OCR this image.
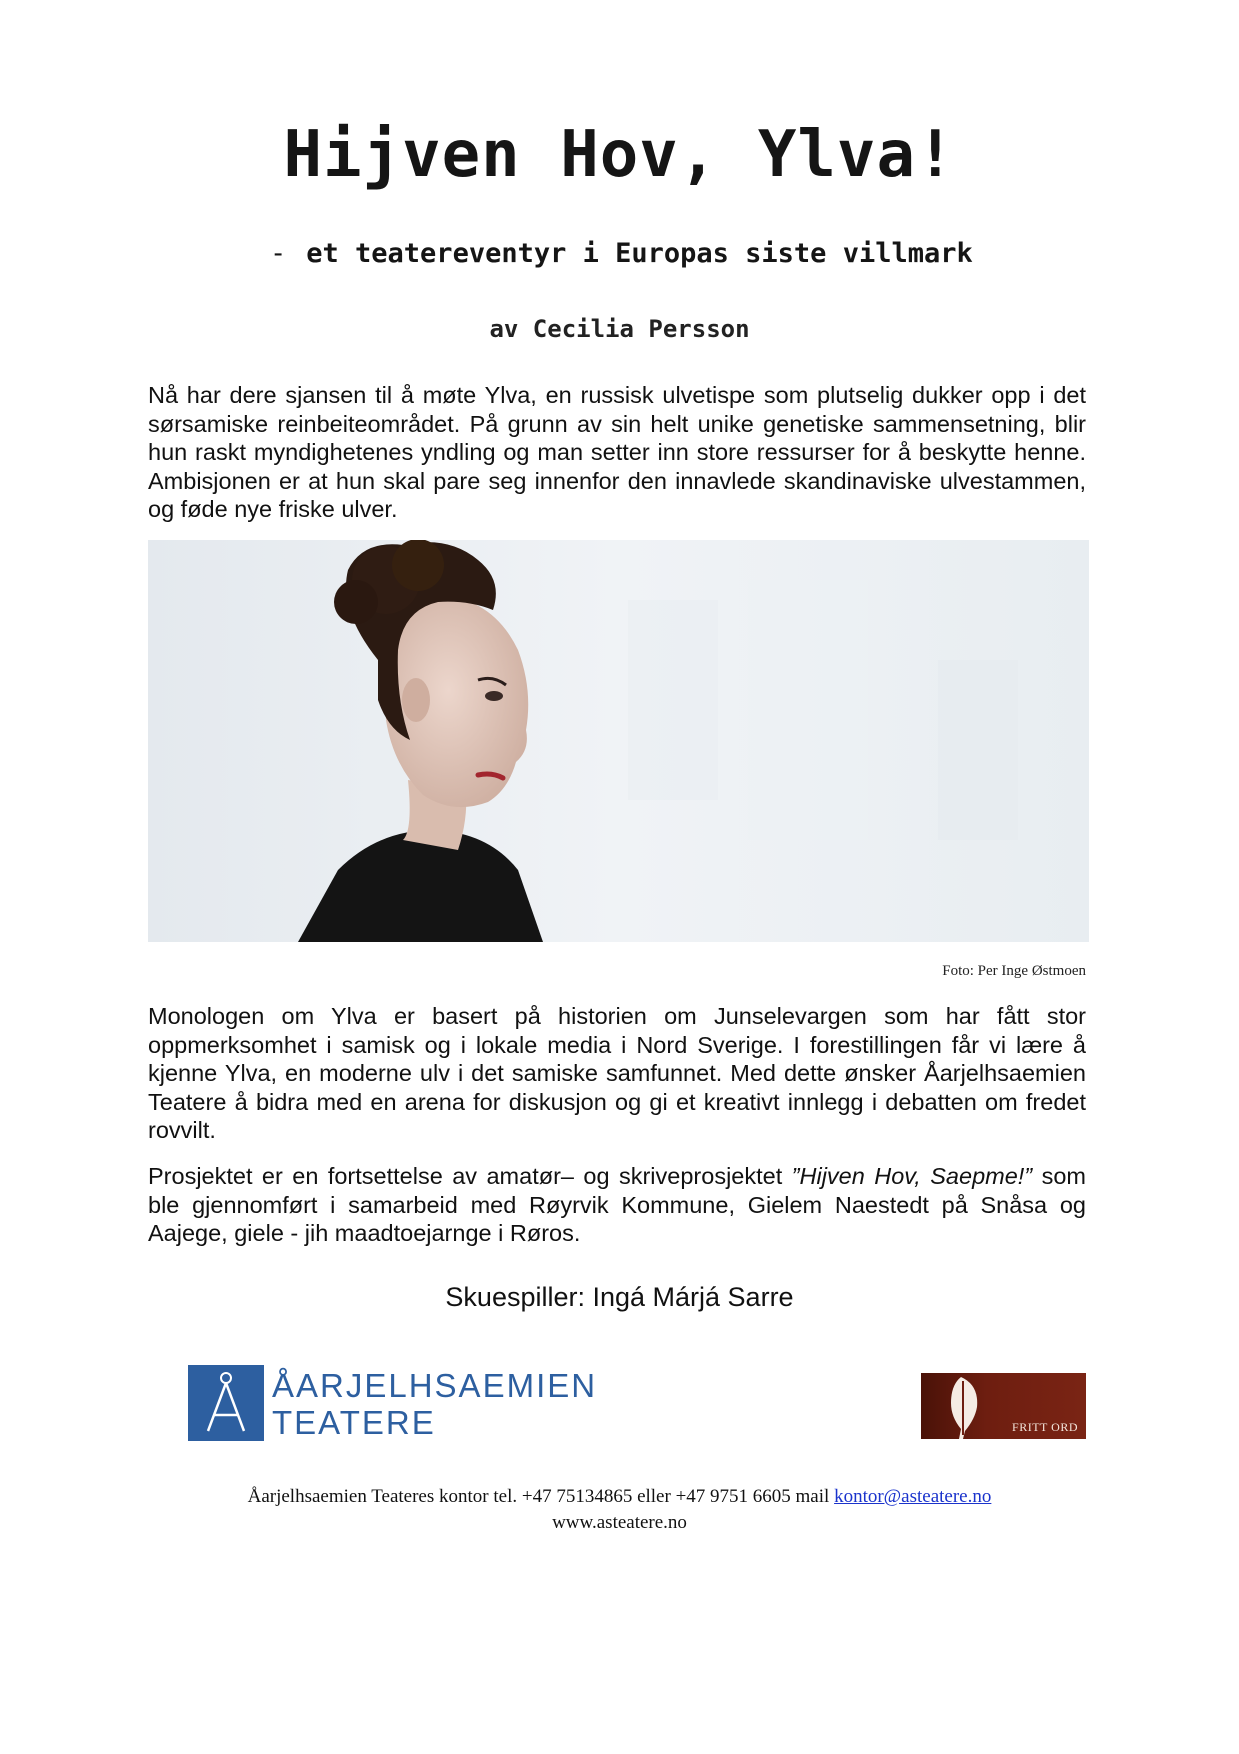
Hijven Hov, Ylva!
- et teatereventyr i Europas siste villmark
av Cecilia Persson
Nå har dere sjansen til å møte Ylva, en russisk ulvetispe som plutselig dukker opp i det sørsamiske reinbeiteområdet. På grunn av sin helt unike genetiske sammensetning, blir hun raskt myndighetenes yndling og man setter inn store ressurser for å beskytte henne. Ambisjonen er at hun skal pare seg innenfor den innavlede skandinaviske ulvestammen, og føde nye friske ulver.
Foto: Per Inge Østmoen
Monologen om Ylva er basert på historien om Junselevargen som har fått stor oppmerksomhet i samisk og i lokale media i Nord Sverige. I forestillingen får vi lære å kjenne Ylva, en moderne ulv i det samiske samfunnet. Med dette ønsker Åarjelhsaemien Teatere å bidra med en arena for diskusjon og gi et kreativt innlegg i debatten om fredet rovvilt.
Prosjektet er en fortsettelse av amatør– og skriveprosjektet ”Hijven Hov, Saepme!” som ble gjennomført i samarbeid med Røyrvik Kommune, Gielem Naestedt på Snåsa og Aajege, giele - jih maadtoejarnge i Røros.
Skuespiller: Ingá Márjá Sarre
ÅARJELHSAEMIEN
TEATERE	FRITT ORD
Åarjelhsaemien Teateres kontor tel. +47 75134865 eller +47 9751 6605 mail kontor@asteatere.no
www.asteatere.no
